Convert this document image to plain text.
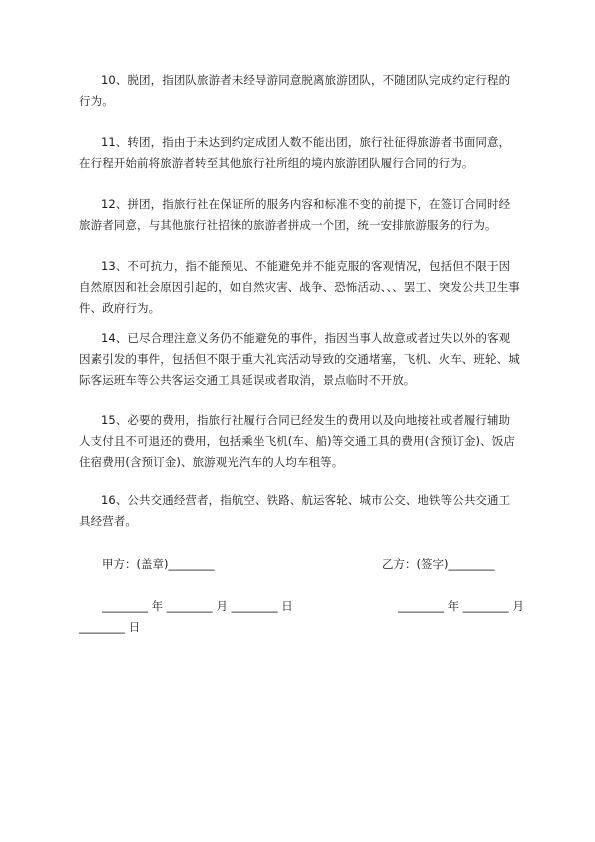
10、脱团，指团队旅游者未经导游同意脱离旅游团队，不随团队完成约定行程的行为。

11、转团，指由于未达到约定成团人数不能出团，旅行社征得旅游者书面同意，在行程开始前将旅游者转至其他旅行社所组的境内旅游团队履行合同的行为。

12、拼团，指旅行社在保证所的服务内容和标准不变的前提下，在签订合同时经旅游者同意，与其他旅行社招徕的旅游者拼成一个团，统一安排旅游服务的行为。

13、不可抗力，指不能预见、不能避免并不能克服的客观情况，包括但不限于因自然原因和社会原因引起的，如自然灾害、战争、恐怖活动、、、罢工、突发公共卫生事件、政府行为。

14、已尽合理注意义务仍不能避免的事件，指因当事人故意或者过失以外的客观因素引发的事件，包括但不限于重大礼宾活动导致的交通堵塞，飞机、火车、班轮、城际客运班车等公共客运交通工具延误或者取消，景点临时不开放。

15、必要的费用，指旅行社履行合同已经发生的费用以及向地接社或者履行辅助人支付且不可退还的费用，包括乘坐飞机(车、船)等交通工具的费用(含预订金)、饭店住宿费用(含预订金)、旅游观光汽车的人均车租等。

16、公共交通经营者，指航空、铁路、航运客轮、城市公交、地铁等公共交通工具经营者。

甲方：(盖章)________	乙方：(签字)________
________ 年 ________ 月 ________ 日	________ 年 ________ 月
________ 日
